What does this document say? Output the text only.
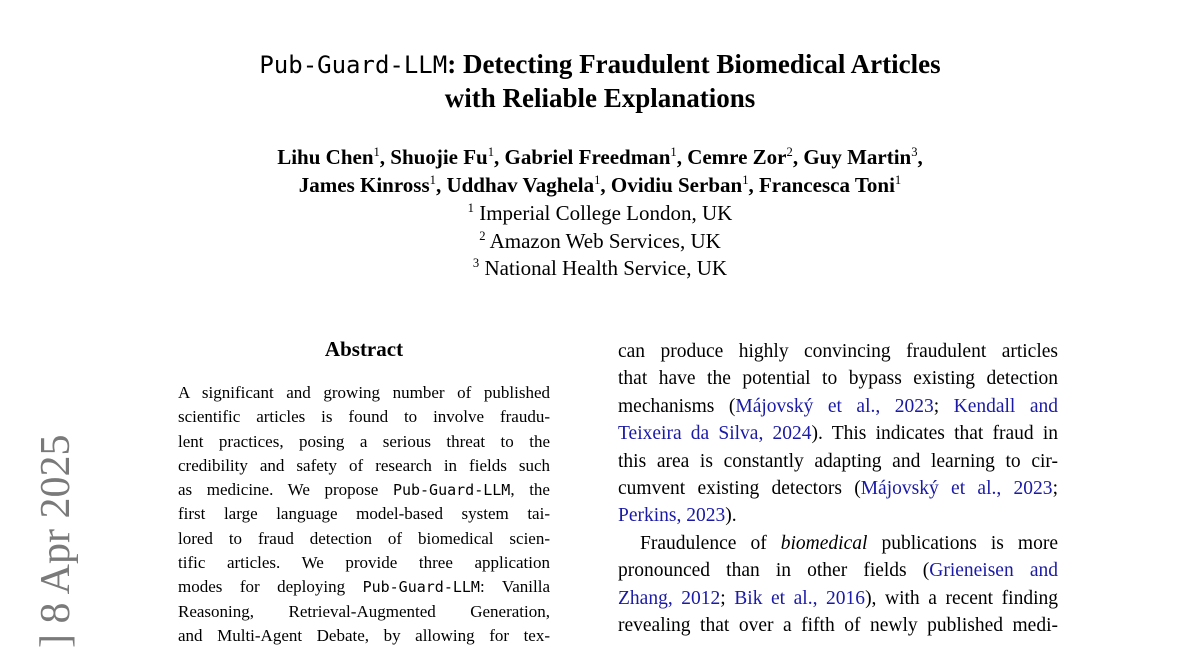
Pub-Guard-LLM: Detecting Fraudulent Biomedical Articles
with Reliable Explanations
Lihu Chen$^1$, Shuojie Fu$^1$, Gabriel Freedman$^1$, Cemre Zor$^2$, Guy Martin$^3$,
James Kinross$^1$, Uddhav Vaghela$^1$, Ovidiu Serban$^1$, Francesca Toni$^1$
$^1$ Imperial College London, UK
$^2$ Amazon Web Services, UK
$^3$ National Health Service, UK
Abstract
A significant and growing number of published
scientific articles is found to involve fraudu-
lent practices, posing a serious threat to the
credibility and safety of research in fields such
as medicine. We propose Pub-Guard-LLM, the
first large language model-based system tai-
lored to fraud detection of biomedical scien-
tific articles. We provide three application
modes for deploying Pub-Guard-LLM: Vanilla
Reasoning, Retrieval-Augmented Generation,
and Multi-Agent Debate, by allowing for tex-
can produce highly convincing fraudulent articles
that have the potential to bypass existing detection
mechanisms (Májovský et al., 2023; Kendall and
Teixeira da Silva, 2024). This indicates that fraud in
this area is constantly adapting and learning to cir-
cumvent existing detectors (Májovský et al., 2023;
Perkins, 2023).
Fraudulence of biomedical publications is more
pronounced than in other fields (Grieneisen and
Zhang, 2012; Bik et al., 2016), with a recent finding
revealing that over a fifth of newly published medi-
] 8 Apr 2025
